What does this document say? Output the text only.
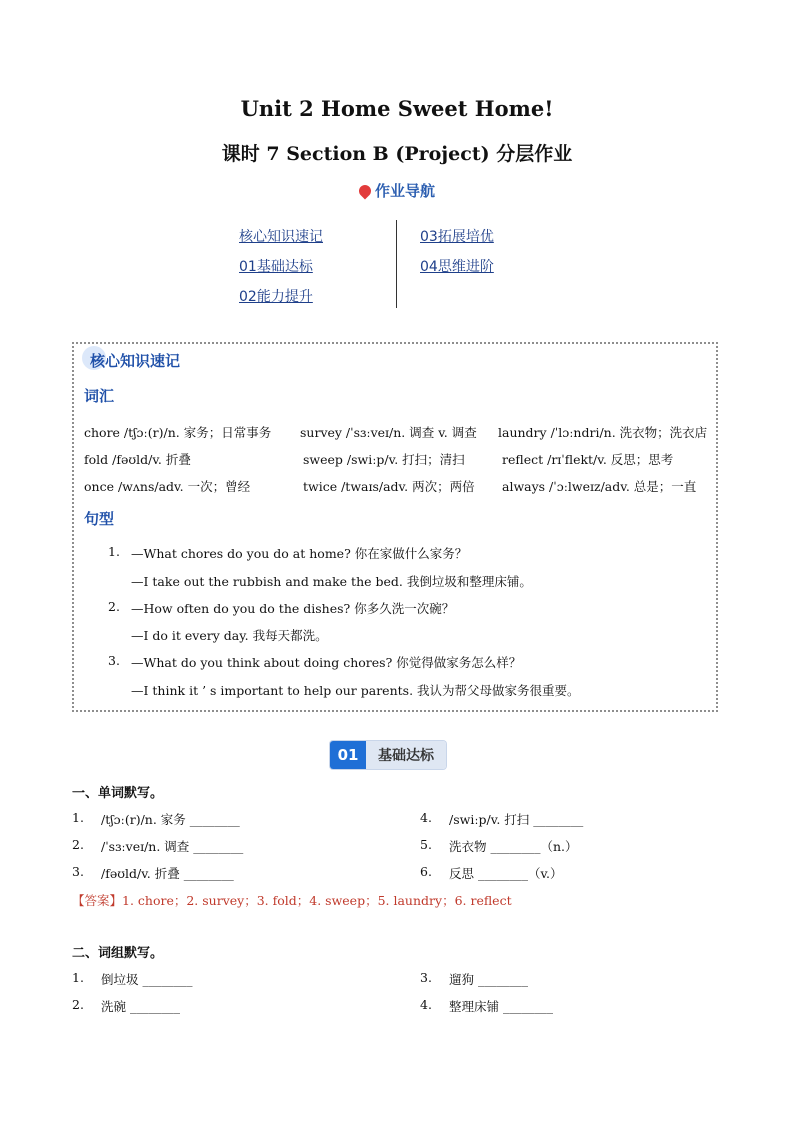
Unit 2 Home Sweet Home!
课时 7 Section B (Project) 分层作业
作业导航
核心知识速记
01基础达标
02能力提升
03拓展培优
04思维进阶
核心知识速记
词汇
chore /tʃɔː(r)/n. 家务；日常事务 survey /ˈsɜːveɪ/n. 调查 v. 调查 laundry /ˈlɔːndri/n. 洗衣物；洗衣店
fold /fəʊld/v. 折叠	sweep /swiːp/v. 打扫；清扫	reflect /rɪˈflekt/v. 反思；思考
once /wʌns/adv. 一次；曾经	twice /twaɪs/adv. 两次；两倍 always /ˈɔːlweɪz/adv. 总是；一直
句型
1. —What chores do you do at home? 你在家做什么家务？
—I take out the rubbish and make the bed. 我倒垃圾和整理床铺。
2. —How often do you do the dishes? 你多久洗一次碗？
—I do it every day. 我每天都洗。
3. —What do you think about doing chores? 你觉得做家务怎么样？
—I think it ’ s important to help our parents. 我认为帮父母做家务很重要。
01	基础达标
一、单词默写。
1. /tʃɔː(r)/n. 家务 ________
2. /ˈsɜːveɪ/n. 调查 ________
3. /fəʊld/v. 折叠 ________
4. /swiːp/v. 打扫 ________
5. 洗衣物 ________（n.）
6. 反思 ________（v.）
【答案】1. chore；2. survey；3. fold；4. sweep；5. laundry；6. reflect
二、词组默写。
1. 倒垃圾 ________
2. 洗碗 ________
3. 遛狗 ________
4. 整理床铺 ________
